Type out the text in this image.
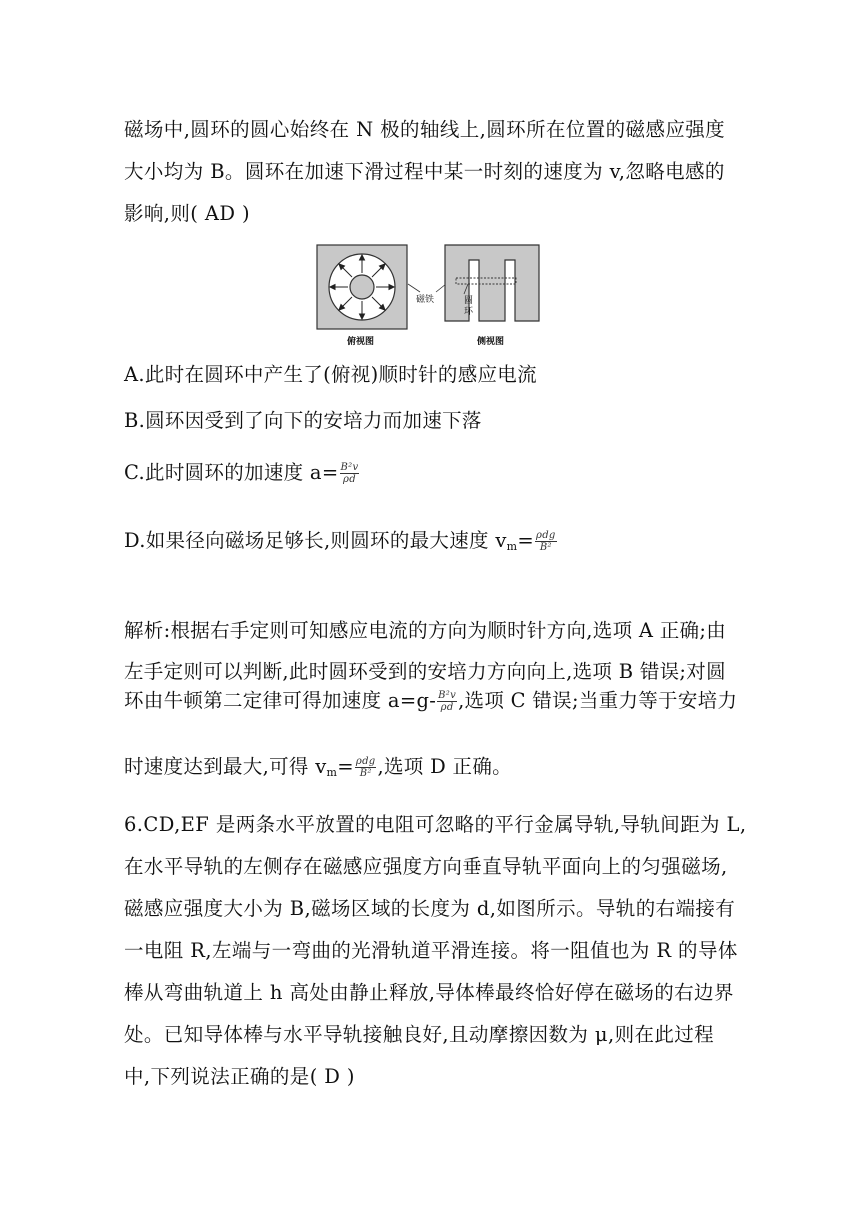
磁场中,圆环的圆心始终在 N 极的轴线上,圆环所在位置的磁感应强度
大小均为 B。圆环在加速下滑过程中某一时刻的速度为 v,忽略电感的
影响,则( AD )
磁铁	圆
环
俯视图	侧视图
A.此时在圆环中产生了(俯视)顺时针的感应电流
B.圆环因受到了向下的安培力而加速下落
C.此时圆环的加速度 $a= \frac{\text{B²v}}{\rho d}$
D.如果径向磁场足够长,则圆环的最大速度 $v_m= \frac{\text{ρdg}}{\text{B²}}$
解析:根据右手定则可知感应电流的方向为顺时针方向,选项 A 正确;由
左手定则可以判断,此时圆环受到的安培力方向向上,选项 B 错误;对圆
环由牛顿第二定律可得加速度 $a=g- \frac{\text{B²v}}{\rho d}$ ,选项 C 错误;当重力等于安培力
时速度达到最大,可得 $v_m= \frac{\text{ρdg}}{\text{B²}}$ ,选项 D 正确。
6.CD,EF 是两条水平放置的电阻可忽略的平行金属导轨,导轨间距为 L,
在水平导轨的左侧存在磁感应强度方向垂直导轨平面向上的匀强磁场,
磁感应强度大小为 B,磁场区域的长度为 d,如图所示。导轨的右端接有
一电阻 R,左端与一弯曲的光滑轨道平滑连接。将一阻值也为 R 的导体
棒从弯曲轨道上 h 高处由静止释放,导体棒最终恰好停在磁场的右边界
处。已知导体棒与水平导轨接触良好,且动摩擦因数为 μ,则在此过程
中,下列说法正确的是( D )
